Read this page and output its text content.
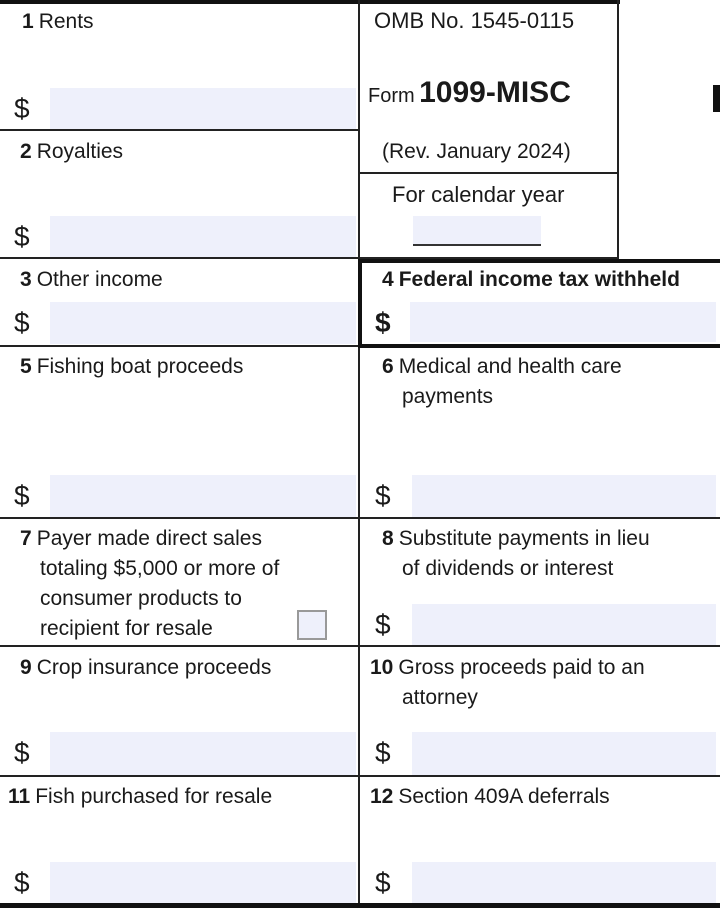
OMB No. 1545-0115
Form 1099-MISC
(Rev. January 2024)
For calendar year
1 Rents
$
2 Royalties
$
3 Other income
$
4 Federal income tax withheld
$
5 Fishing boat proceeds
$
6 Medical and health care
payments
$
7 Payer made direct sales
totaling $5,000 or more of
consumer products to
recipient for resale
8 Substitute payments in lieu
of dividends or interest
$
9 Crop insurance proceeds
$
10 Gross proceeds paid to an
attorney
$
11 Fish purchased for resale
$
12 Section 409A deferrals
$
